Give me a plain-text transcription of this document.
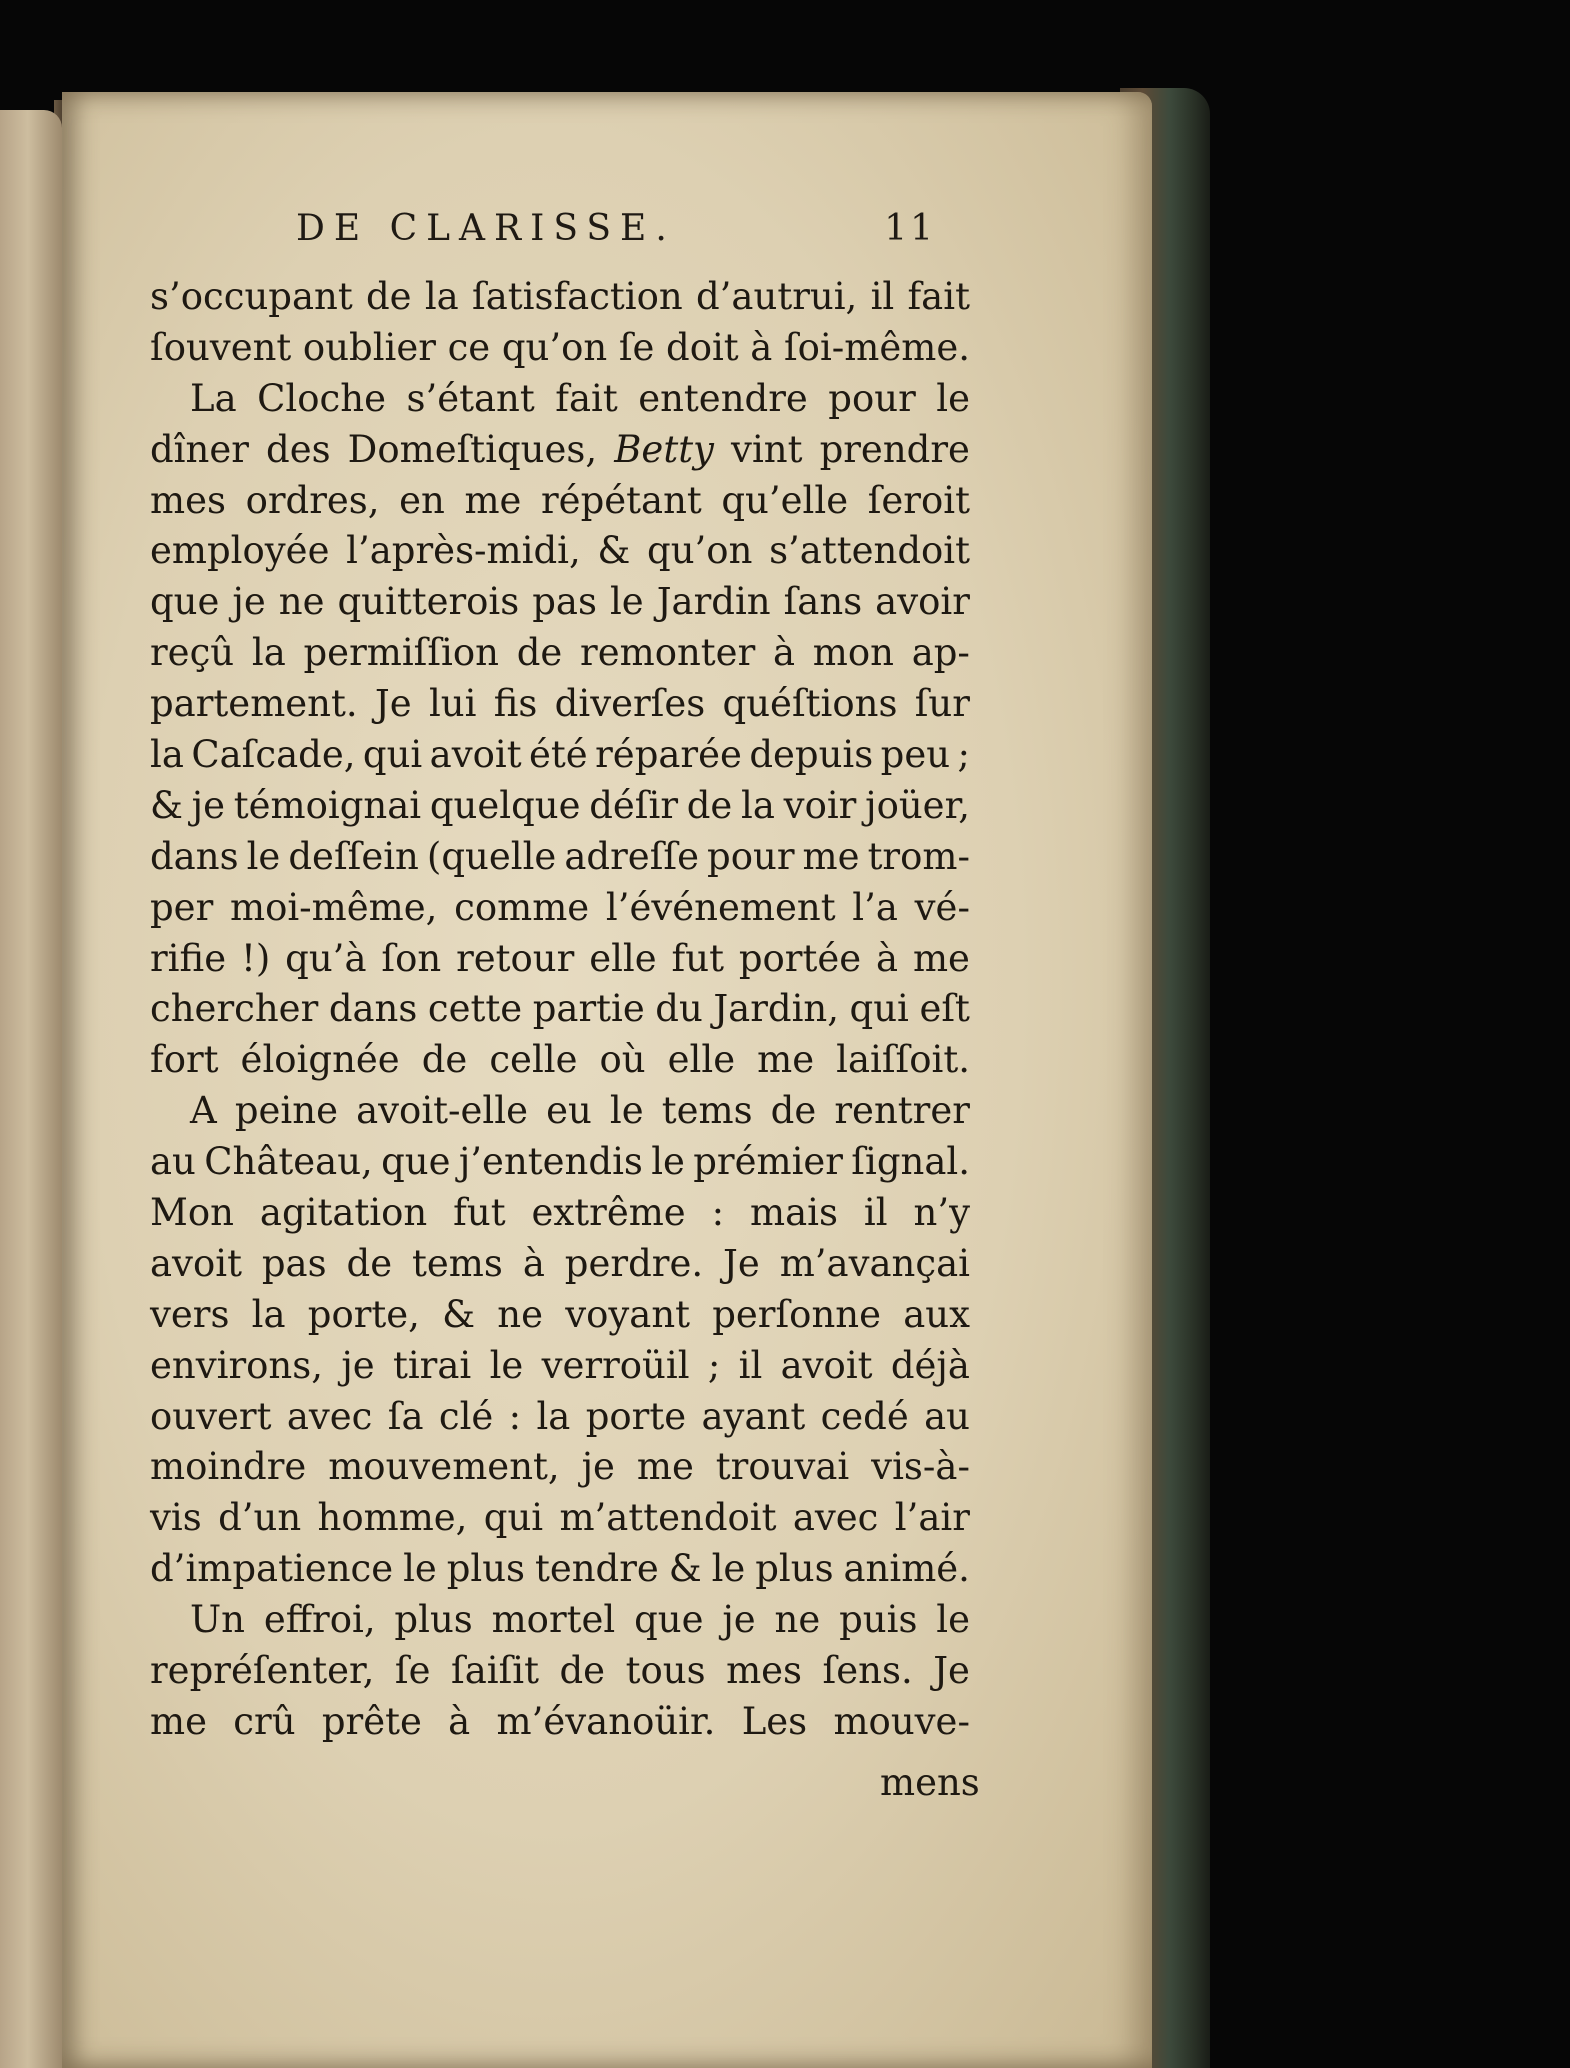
DE CLARISSE.	11
s’occupant de la ſatisfaction d’autrui, il fait
ſouvent oublier ce qu’on ſe doit à ſoi-même.
La Cloche s’étant fait entendre pour le
dîner des Domeſtiques, Betty vint prendre
mes ordres, en me répétant qu’elle ſeroit
employée l’après-midi, & qu’on s’attendoit
que je ne quitterois pas le Jardin ſans avoir
reçû la permiſſion de remonter à mon ap-
partement. Je lui fis diverſes quéſtions ſur
la Caſcade, qui avoit été réparée depuis peu ;
& je témoignai quelque déſir de la voir joüer,
dans le deſſein (quelle adreſſe pour me trom-
per moi-même, comme l’événement l’a vé-
rifie !) qu’à ſon retour elle fut portée à me
chercher dans cette partie du Jardin, qui eſt
fort éloignée de celle où elle me laiſſoit.
A peine avoit-elle eu le tems de rentrer
au Château, que j’entendis le prémier ſignal.
Mon agitation fut extrême : mais il n’y
avoit pas de tems à perdre. Je m’avançai
vers la porte, & ne voyant perſonne aux
environs, je tirai le verroüil ; il avoit déjà
ouvert avec ſa clé : la porte ayant cedé au
moindre mouvement, je me trouvai vis-à-
vis d’un homme, qui m’attendoit avec l’air
d’impatience le plus tendre & le plus animé.
Un effroi, plus mortel que je ne puis le
repréſenter, ſe ſaiſit de tous mes ſens. Je
me crû prête à m’évanoüir. Les mouve-
mens
